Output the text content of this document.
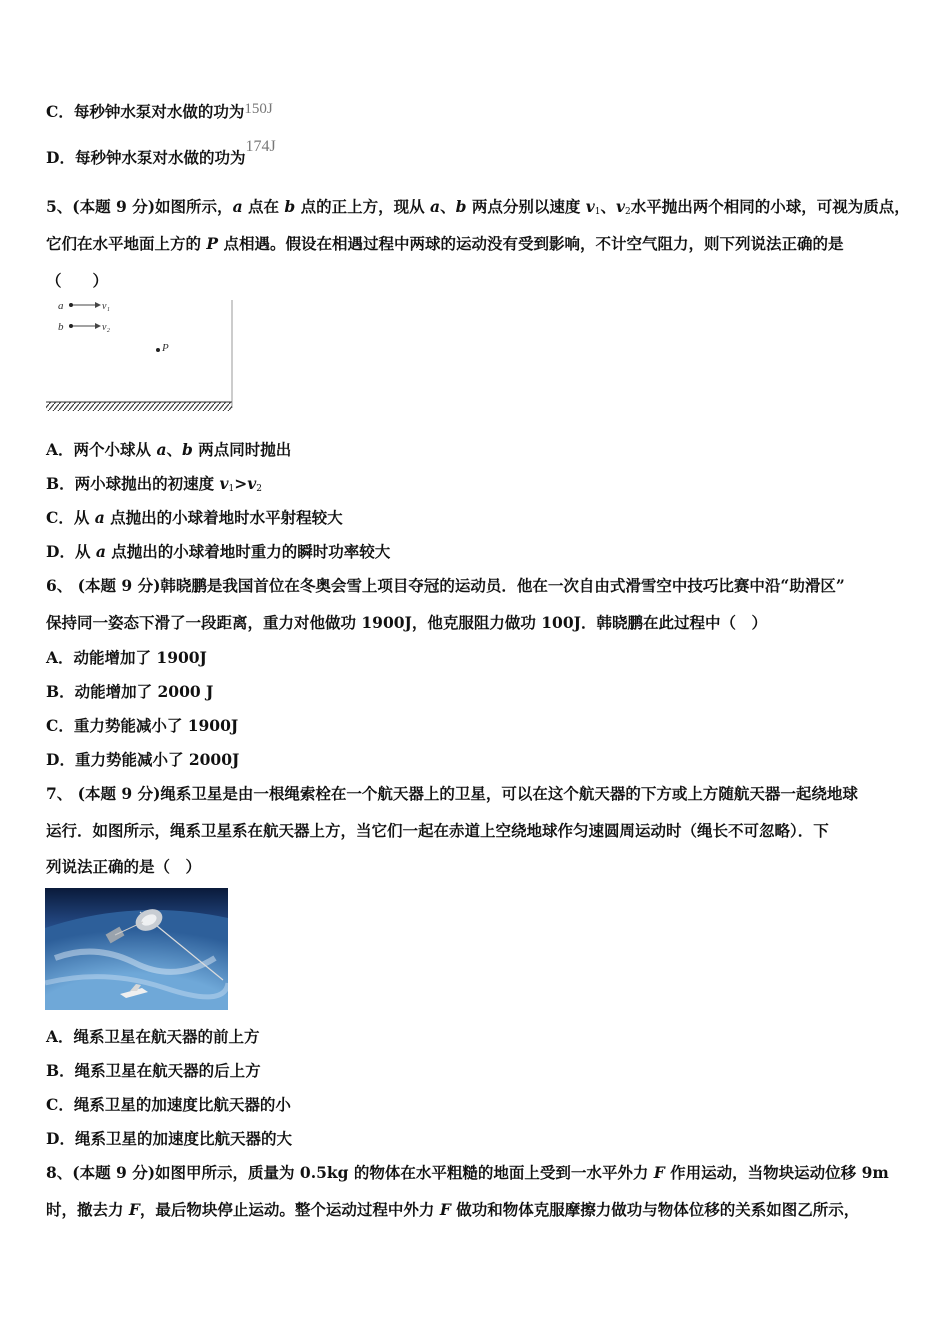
C．每秒钟水泵对水做的功为150J
D．每秒钟水泵对水做的功为174J
5、(本题 9 分)如图所示，a 点在 b 点的正上方，现从 a、b 两点分别以速度 $v_1$、$v_2$水平抛出两个相同的小球，可视为质点，
它们在水平地面上方的 P 点相遇。假设在相遇过程中两球的运动没有受到影响，不计空气阻力，则下列说法正确的是
（　　）
a	v₁
b	v₂
P
A．两个小球从 a、b 两点同时抛出
B．两小球抛出的初速度 $v_1>v_2$
C．从 a 点抛出的小球着地时水平射程较大
D．从 a 点抛出的小球着地时重力的瞬时功率较大
6、 (本题 9 分)韩晓鹏是我国首位在冬奥会雪上项目夺冠的运动员．他在一次自由式滑雪空中技巧比赛中沿“助滑区”
保持同一姿态下滑了一段距离，重力对他做功 1900J，他克服阻力做功 100J．韩晓鹏在此过程中（　）
A．动能增加了 1900J
B．动能增加了 2000 J
C．重力势能减小了 1900J
D．重力势能减小了 2000J
7、 (本题 9 分)绳系卫星是由一根绳索栓在一个航天器上的卫星，可以在这个航天器的下方或上方随航天器一起绕地球
运行．如图所示，绳系卫星系在航天器上方，当它们一起在赤道上空绕地球作匀速圆周运动时（绳长不可忽略）．下
列说法正确的是（　）
A．绳系卫星在航天器的前上方
B．绳系卫星在航天器的后上方
C．绳系卫星的加速度比航天器的小
D．绳系卫星的加速度比航天器的大
8、(本题 9 分)如图甲所示，质量为 0.5kg 的物体在水平粗糙的地面上受到一水平外力 F 作用运动，当物块运动位移 9m
时，撤去力 F，最后物块停止运动。整个运动过程中外力 F 做功和物体克服摩擦力做功与物体位移的关系如图乙所示，
